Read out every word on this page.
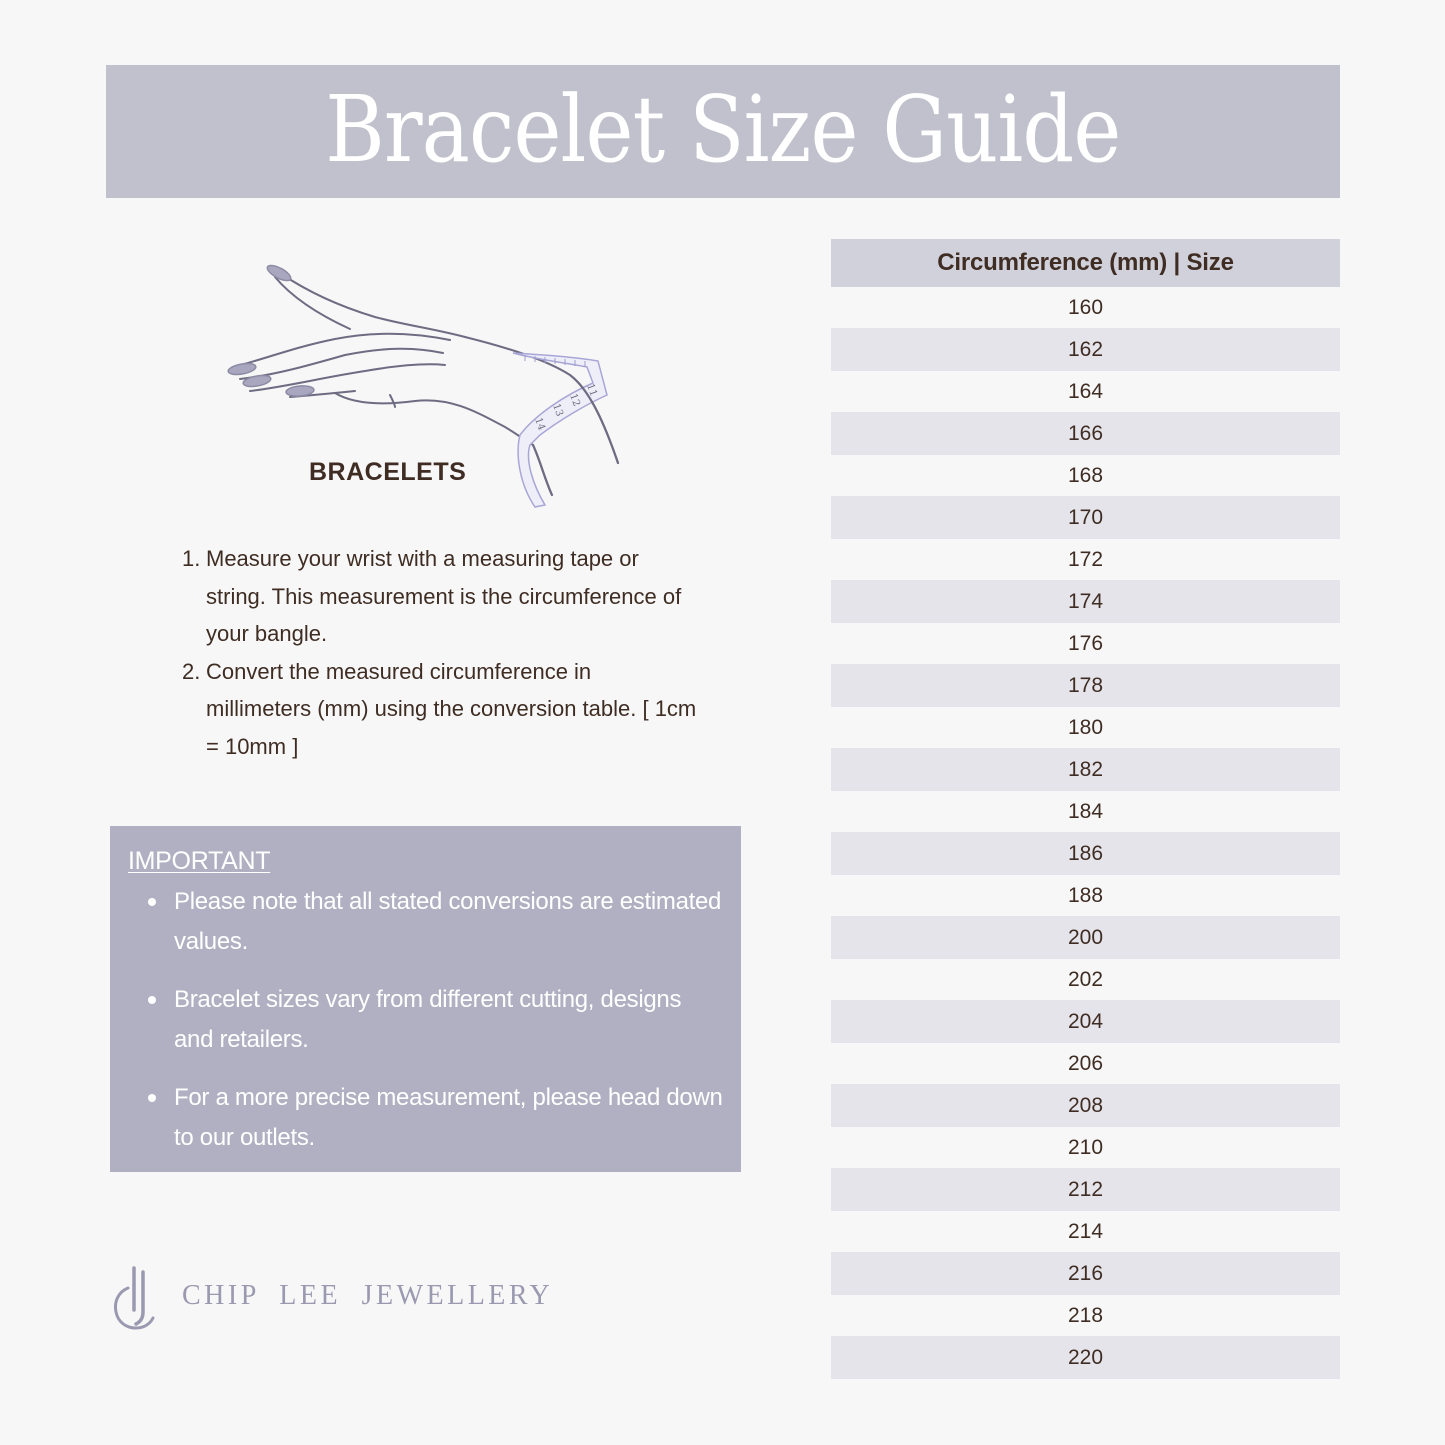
Bracelet Size Guide
11
12
13
14
BRACELETS
1. Measure your wrist with a measuring tape or string. This measurement is the circumference of your bangle.
2. Convert the measured circumference in millimeters (mm) using the conversion table. [ 1cm = 10mm ]
IMPORTANT
Please note that all stated conversions are estimated values.
Bracelet sizes vary from different cutting, designs and retailers.
For a more precise measurement, please head down to our outlets.
CHIP LEE JEWELLERY
Circumference (mm) | Size
160
162
164
166
168
170
172
174
176
178
180
182
184
186
188
200
202
204
206
208
210
212
214
216
218
220
